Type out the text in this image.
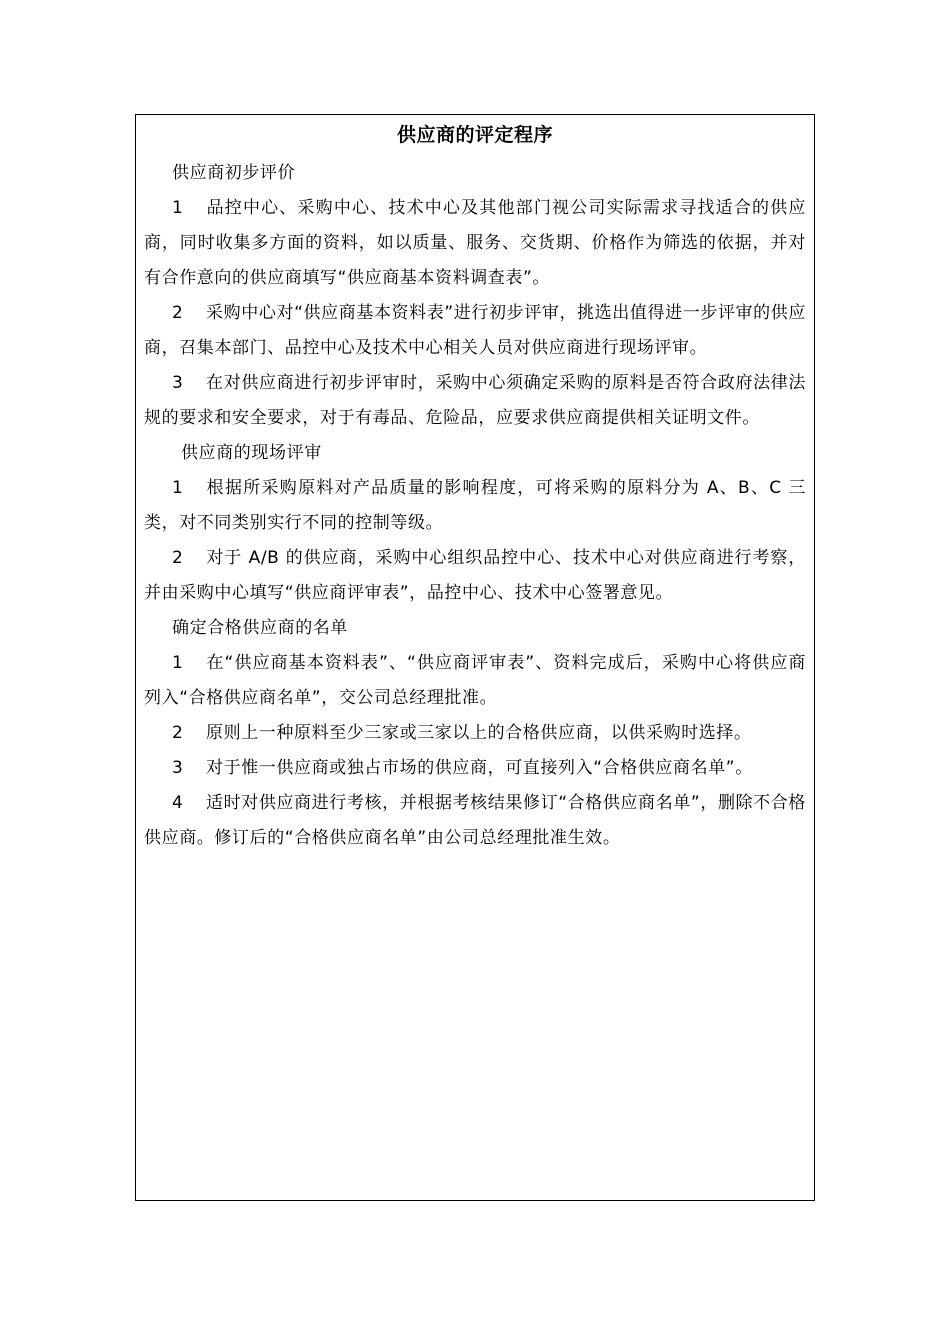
供应商的评定程序

供应商初步评价

1 品控中心、采购中心、技术中心及其他部门视公司实际需求寻找适合的供应商，同时收集多方面的资料，如以质量、服务、交货期、价格作为筛选的依据，并对有合作意向的供应商填写“供应商基本资料调查表”。

2 采购中心对“供应商基本资料表”进行初步评审，挑选出值得进一步评审的供应商，召集本部门、品控中心及技术中心相关人员对供应商进行现场评审。

3 在对供应商进行初步评审时，采购中心须确定采购的原料是否符合政府法律法规的要求和安全要求，对于有毒品、危险品，应要求供应商提供相关证明文件。

供应商的现场评审

1 根据所采购原料对产品质量的影响程度，可将采购的原料分为 A、B、C 三类，对不同类别实行不同的控制等级。

2 对于 A/B 的供应商，采购中心组织品控中心、技术中心对供应商进行考察，并由采购中心填写“供应商评审表”，品控中心、技术中心签署意见。

确定合格供应商的名单

1 在“供应商基本资料表”、“供应商评审表”、资料完成后，采购中心将供应商列入“合格供应商名单”，交公司总经理批准。

2 原则上一种原料至少三家或三家以上的合格供应商，以供采购时选择。

3 对于惟一供应商或独占市场的供应商，可直接列入“合格供应商名单”。

4 适时对供应商进行考核，并根据考核结果修订“合格供应商名单”，删除不合格供应商。修订后的“合格供应商名单”由公司总经理批准生效。
